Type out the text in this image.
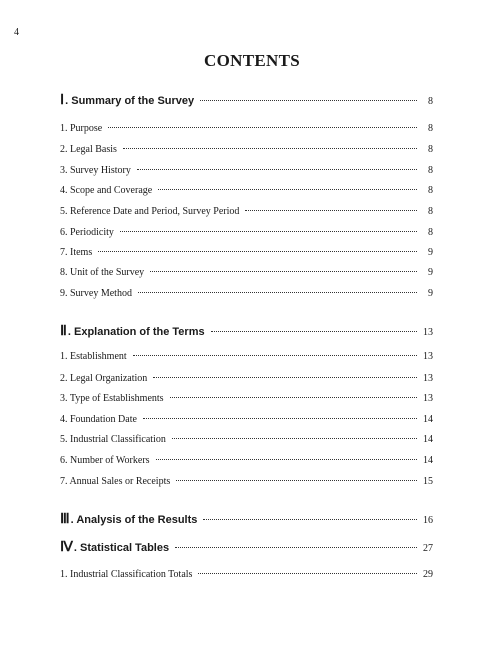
4
CONTENTS
Ⅰ. Summary of the Survey	8
1. Purpose	8
2. Legal Basis	8
3. Survey History	8
4. Scope and Coverage	8
5. Reference Date and Period, Survey Period	8
6. Periodicity	8
7. Items	9
8. Unit of the Survey	9
9. Survey Method	9
Ⅱ. Explanation of the Terms	13
1. Establishment	13
2. Legal Organization	13
3. Type of Establishments	13
4. Foundation Date	14
5. Industrial Classification	14
6. Number of Workers	14
7. Annual Sales or Receipts	15
Ⅲ. Analysis of the Results	16
Ⅳ. Statistical Tables	27
1. Industrial Classification Totals	29
